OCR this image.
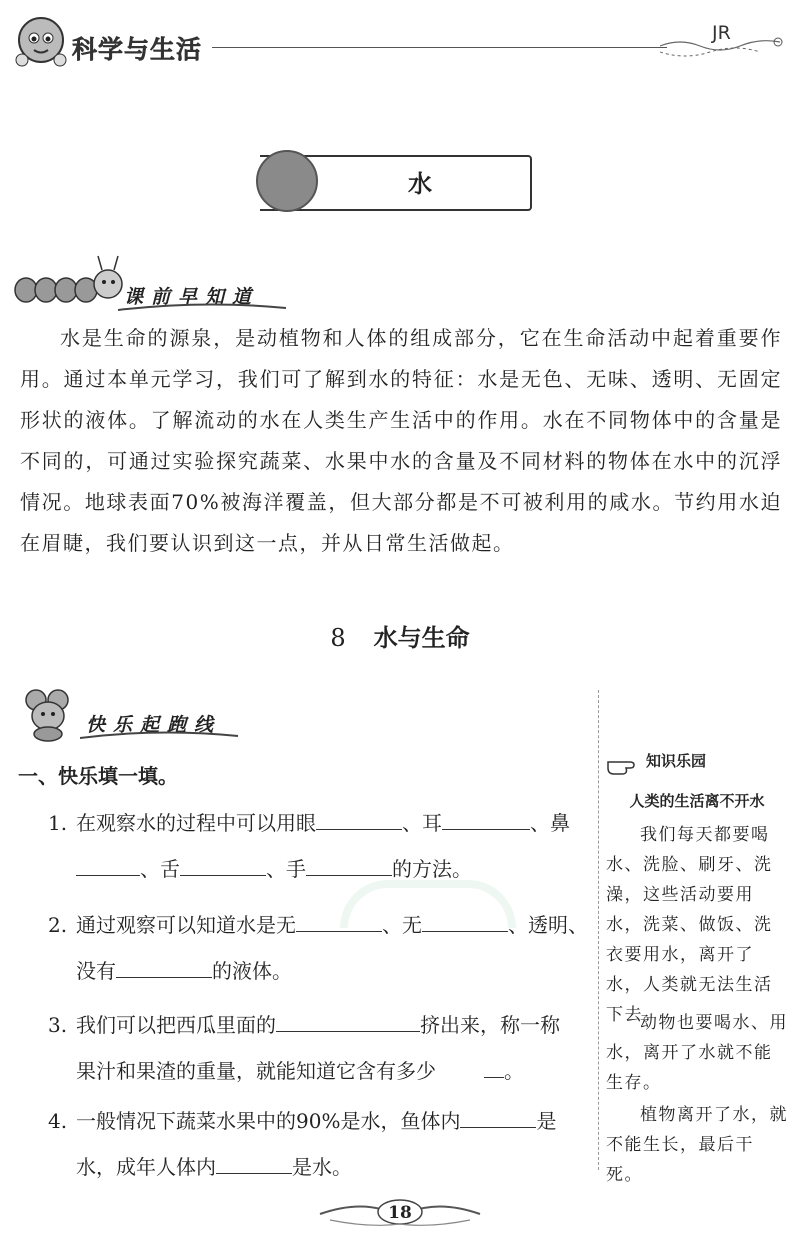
科学与生活
JR
水
课前早知道
水是生命的源泉，是动植物和人体的组成部分，它在生命活动中起着重要作用。通过本单元学习，我们可了解到水的特征：水是无色、无味、透明、无固定形状的液体。了解流动的水在人类生产生活中的作用。水在不同物体中的含量是不同的，可通过实验探究蔬菜、水果中水的含量及不同材料的物体在水中的沉浮情况。地球表面70%被海洋覆盖，但大部分都是不可被利用的咸水。节约用水迫在眉睫，我们要认识到这一点，并从日常生活做起。
8 水与生命
快乐起跑线
一、快乐填一填。
1. 在观察水的过程中可以用眼	、耳	、鼻
、舌	、手	的方法。
2. 通过观察可以知道水是无	、无	、透明、
没有	的液体。
3. 我们可以把西瓜里面的	挤出来，称一称
果汁和果渣的重量，就能知道它含有多少	。
4. 一般情况下蔬菜水果中的90%是水，鱼体内	是
水，成年人体内	是水。
知识乐园
人类的生活离不开水
我们每天都要喝水、洗脸、刷牙、洗澡，这些活动要用水，洗菜、做饭、洗衣要用水，离开了水，人类就无法生活下去。
动物也要喝水、用水，离开了水就不能生存。
植物离开了水，就不能生长，最后干死。
18
